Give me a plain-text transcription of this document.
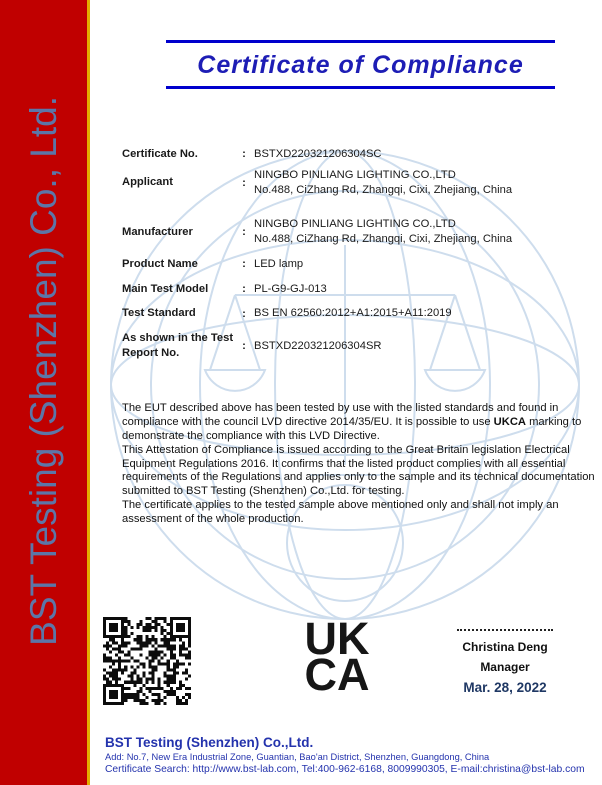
BST Testing (Shenzhen) Co., Ltd.
Certificate of Compliance
Certificate No.	: BSTXD220321206304SC
Applicant	:
NINGBO PINLIANG LIGHTING CO.,LTD
No.488, CiZhang Rd, Zhangqi, Cixi, Zhejiang, China
Manufacturer	:
NINGBO PINLIANG LIGHTING CO.,LTD
No.488, CiZhang Rd, Zhangqi, Cixi, Zhejiang, China
Product Name	: LED lamp
Main Test Model	: PL-G9-GJ-013
Test Standard	: BS EN 62560:2012+A1:2015+A11:2019
As shown in the Test Report No.
: BSTXD220321206304SR

The EUT described above has been tested by use with the listed standards and found in compliance with the council LVD directive 2014/35/EU. It is possible to use UKCA marking to demonstrate the compliance with this LVD Directive.

This Attestation of Compliance is issued according to the Great Britain legislation Electrical Equipment Regulations 2016. It confirms that the listed product complies with all essential requirements of the Regulations and applies only to the sample and its technical documentation submitted to BST Testing (Shenzhen) Co.,Ltd. for testing.

The certificate applies to the tested sample above mentioned only and shall not imply an assessment of the whole production.

UK
CA
Christina Deng
Manager
Mar. 28, 2022
BST Testing (Shenzhen) Co.,Ltd.
Add: No.7, New Era Industrial Zone, Guantian, Bao'an District, Shenzhen, Guangdong, China
Certificate Search: http://www.bst-lab.com, Tel:400-962-6168, 8009990305, E-mail:christina@bst-lab.com
